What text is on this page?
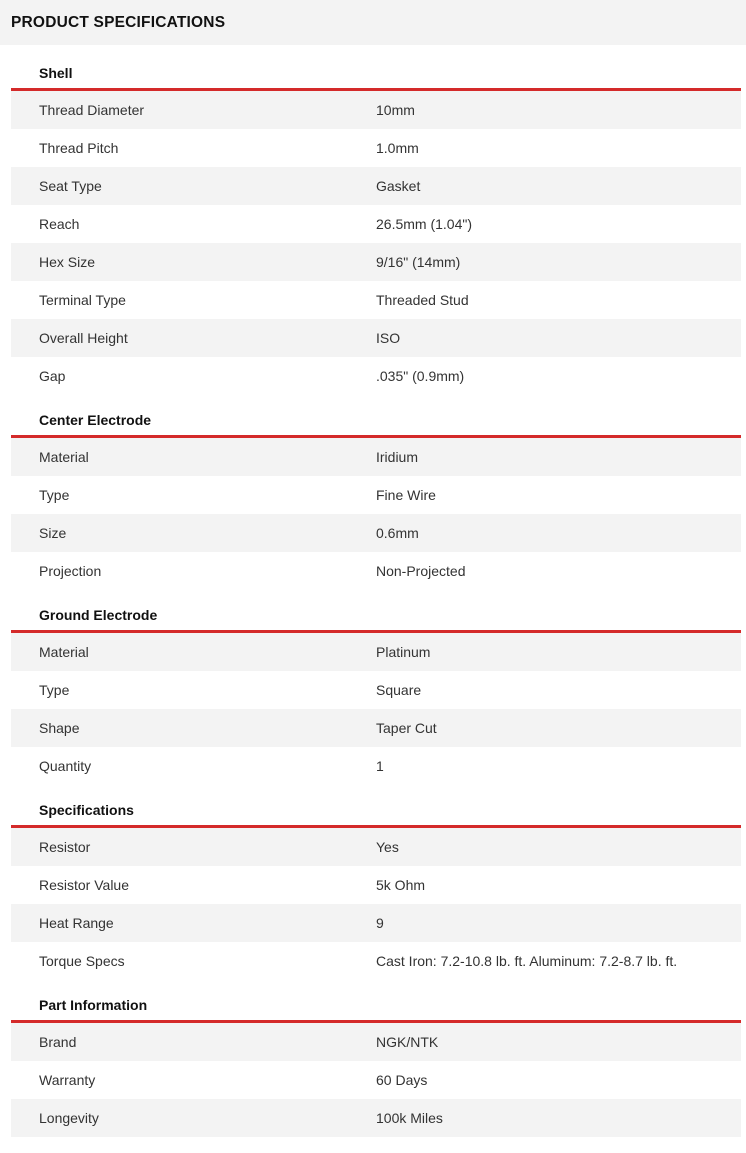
PRODUCT SPECIFICATIONS
Shell
Thread Diameter	10mm
Thread Pitch	1.0mm
Seat Type	Gasket
Reach	26.5mm (1.04")
Hex Size	9/16" (14mm)
Terminal Type	Threaded Stud
Overall Height	ISO
Gap	.035" (0.9mm)
Center Electrode
Material	Iridium
Type	Fine Wire
Size	0.6mm
Projection	Non-Projected
Ground Electrode
Material	Platinum
Type	Square
Shape	Taper Cut
Quantity	1
Specifications
Resistor	Yes
Resistor Value	5k Ohm
Heat Range	9
Torque Specs	Cast Iron: 7.2-10.8 lb. ft. Aluminum: 7.2-8.7 lb. ft.
Part Information
Brand	NGK/NTK
Warranty	60 Days
Longevity	100k Miles
